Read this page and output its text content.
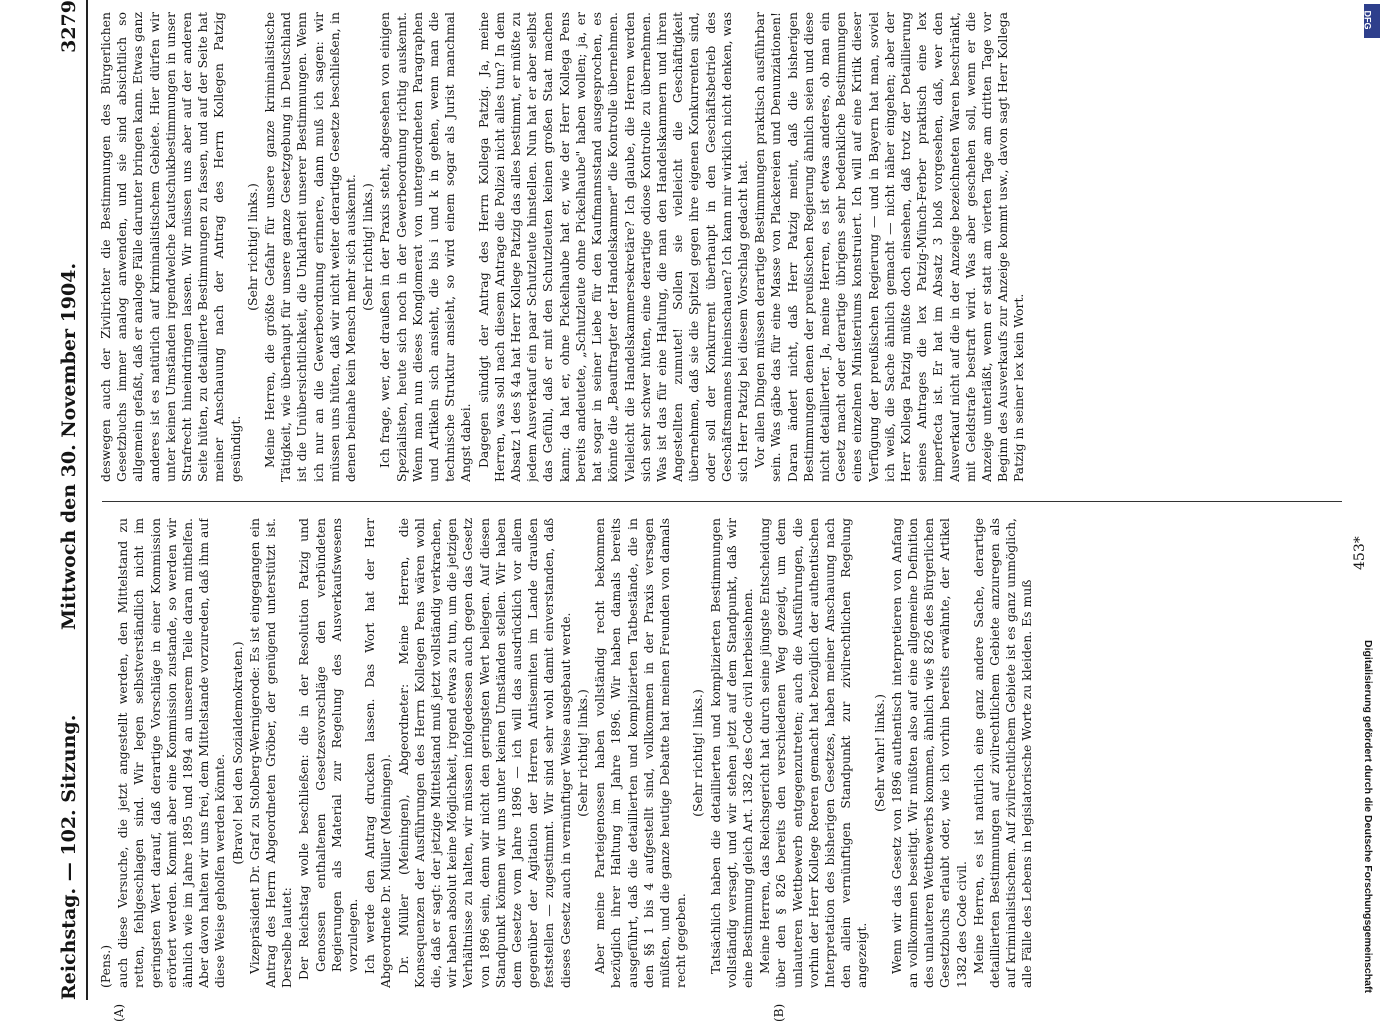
Reichstag. — 102. Sitzung.
Mittwoch den 30. November 1904.
3279

(Pens.) auch diese Versuche, die jetzt angestellt werden, den Mittelstand zu retten, fehlgeschlagen sind. Wir legen selbstverständlich nicht im geringsten Wert darauf, daß derartige Vorschläge in einer Kommission erörtert werden. Kommt aber eine Kommission zustande, so werden wir ähnlich wie im Jahre 1895 und 1894 an unserem Teile daran mithelfen. Aber davon halten wir uns frei, dem Mittelstande vorzureden, daß ihm auf diese Weise geholfen werden könnte.

(Bravo! bei den Sozialdemokraten.) Vizepräsident Dr. Graf zu Stolberg-Wernigerode: Es ist eingegangen ein Antrag des Herrn Abgeordneten Gröber, der genügend unterstützt ist. Derselbe lautet: Der Reichstag wolle beschließen: die in der Resolution Patzig und Genossen enthaltenen Gesetzesvorschläge den verbündeten Regierungen als Material zur Regelung des Ausverkaufswesens vorzulegen. Ich werde den Antrag drucken lassen. Das Wort hat der Herr Abgeordnete Dr. Müller (Meiningen). Dr. Müller (Meiningen), Abgeordneter: Meine Herren, die Konsequenzen der Ausführungen des Herrn Kollegen Pens wären wohl die, daß er sagt: der jetzige Mittelstand muß jetzt vollständig verkrachen, wir haben absolut keine Möglichkeit, irgend etwas zu tun, um die jetzigen Verhältnisse zu halten, wir müssen infolgedessen auch gegen das Gesetz von 1896 sein, denn wir nicht den geringsten Wert beilegen. Auf diesen Standpunkt können wir uns unter keinen Umständen stellen. Wir haben dem Gesetze vom Jahre 1896 — ich will das ausdrücklich vor allem gegenüber der Agitation der Herren Antisemiten im Lande draußen feststellen — zugestimmt. Wir sind sehr wohl damit einverstanden, daß dieses Gesetz auch in vernünftiger Weise ausgebaut werde. (Sehr richtig! links.) Aber meine Parteigenossen haben vollständig recht bekommen bezüglich ihrer Haltung im Jahre 1896. Wir haben damals bereits ausgeführt, daß die detaillierten und komplizierten Tatbestände, die in den §§ 1 bis 4 aufgestellt sind, vollkommen in der Praxis versagen müßten, und die ganze heutige Debatte hat meinen Freunden von damals recht gegeben.

(Sehr richtig! links.) Tatsächlich haben die detaillierten und komplizierten Bestimmungen vollständig versagt, und wir stehen jetzt auf dem Standpunkt, daß wir eine Bestimmung gleich Art. 1382 des Code civil herbeisehnen. Meine Herren, das Reichsgericht hat durch seine jüngste Entscheidung über den § 826 bereits den verschiedenen Weg gezeigt, um dem unlauteren Wettbewerb entgegenzutreten; auch die Ausführungen, die vorhin der Herr Kollege Roeren gemacht hat bezüglich der authentischen Interpretation des bisherigen Gesetzes, haben meiner Anschauung nach den allein vernünftigen Standpunkt zur zivilrechtlichen Regelung angezeigt.

(Sehr wahr! links.) Wenn wir das Gesetz von 1896 authentisch interpretieren von Anfang an vollkommen beseitigt. Wir müßten also auf eine allgemeine Definition des unlauteren Wettbewerbs kommen, ähnlich wie § 826 des Bürgerlichen Gesetzbuchs erlaubt oder, wie ich vorhin bereits erwähnte, der Artikel 1382 des Code civil. Meine Herren, es ist natürlich eine ganz andere Sache, derartige detaillierten Bestimmungen auf zivilrechtlichem Gebiete anzuregen als auf kriminalistischem. Auf zivilrechtlichem Gebiete ist es ganz unmöglich, alle Fälle des Lebens in legislatorische Worte zu kleiden. Es muß

deswegen auch der Zivilrichter die Bestimmungen des Bürgerlichen Gesetzbuchs immer analog anwenden, und sie sind absichtlich so allgemein gefaßt, daß er analoge Fälle darunter bringen kann. Etwas ganz anderes ist es natürlich auf kriminalistischem Gebiete. Hier dürfen wir unter keinen Umständen irgendwelche Kautschukbestimmungen in unser Strafrecht hineindringen lassen. Wir müssen uns aber auf der anderen Seite hüten, zu detaillierte Bestimmungen zu fassen, und auf der Seite hat meiner Anschauung nach der Antrag des Herrn Kollegen Patzig gesündigt.

(Sehr richtig! links.) Meine Herren, die größte Gefahr für unsere ganze kriminalistische Tätigkeit, wie überhaupt für unsere ganze Gesetzgebung in Deutschland ist die Unübersichtlichkeit, die Unklarheit unserer Bestimmungen. Wenn ich nur an die Gewerbeordnung erinnere, dann muß ich sagen: wir müssen uns hüten, daß wir nicht weiter derartige Gesetze beschließen, in denen beinahe kein Mensch mehr sich auskennt. (Sehr richtig! links.) Ich frage, wer, der draußen in der Praxis steht, abgesehen von einigen Spezialisten, heute sich noch in der Gewerbeordnung richtig auskennt. Wenn man nun dieses Konglomerat von untergeordneten Paragraphen und Artikeln sich ansieht, die bis i und k in gehen, wenn man die technische Struktur ansieht, so wird einem sogar als Jurist manchmal Angst dabei. Dagegen sündigt der Antrag des Herrn Kollega Patzig. Ja, meine Herren, was soll nach diesem Antrage die Polizei nicht alles tun? In dem Absatz 1 des § 4a hat Herr Kollege Patzig das alles bestimmt, er müßte zu jedem Ausverkauf ein paar Schutzleute hinstellen. Nun hat er aber selbst das Gefühl, daß er mit den Schutzleuten keinen großen Staat machen kann; da hat er, ohne Pickelhaube hat er, wie der Herr Kollega Pens bereits andeutete, „Schutzleute ohne Pickelhaube" haben wollen; ja, er hat sogar in seiner Liebe für den Kaufmannsstand ausgesprochen, es könnte die „Beauftragter der Handelskammer" die Kontrolle übernehmen. Vielleicht die Handelskammersekretäre? Ich glaube, die Herren werden sich sehr schwer hüten, eine derartige odiose Kontrolle zu übernehmen. Was ist das für eine Haltung, die man den Handelskammern und ihren Angestellten zumutet! Sollen sie vielleicht die Geschäftigkeit übernehmen, daß sie die Spitzel gegen ihre eigenen Konkurrenten sind, oder soll der Konkurrent überhaupt in den Geschäftsbetrieb des Geschäftsmannes hineinschauen? Ich kann mir wirklich nicht denken, was sich Herr Patzig bei diesem Vorschlag gedacht hat. Vor allen Dingen müssen derartige Bestimmungen praktisch ausführbar sein. Was gäbe das für eine Masse von Plackereien und Denunziationen! Daran ändert nicht, daß Herr Patzig meint, daß die bisherigen Bestimmungen denen der preußischen Regierung ähnlich seien und diese nicht detaillierter. Ja, meine Herren, es ist etwas anderes, ob man ein Gesetz macht oder derartige übrigens sehr bedenkliche Bestimmungen eines einzelnen Ministeriums konstruiert. Ich will auf eine Kritik dieser Verfügung der preußischen Regierung — und in Bayern hat man, soviel ich weiß, die Sache ähnlich gemacht — nicht näher eingehen; aber der Herr Kollega Patzig müßte doch einsehen, daß trotz der Detaillierung seines Antrages die lex Patzig-Münch-Ferber praktisch eine lex imperfecta ist. Er hat im Absatz 3 bloß vorgesehen, daß, wer den Ausverkauf nicht auf die in der Anzeige bezeichneten Waren beschränkt, mit Geldstrafe bestraft wird. Was aber geschehen soll, wenn er die Anzeige unterläßt, wenn er statt am vierten Tage am dritten Tage vor Beginn des Ausverkaufs zur Anzeige kommt usw., davon sagt Herr Kollega Patzig in seiner lex kein Wort.

(A)	(B)
453*
Digitalisierung gefördert durch die Deutsche Forschungsgemeinschaft
DFG
